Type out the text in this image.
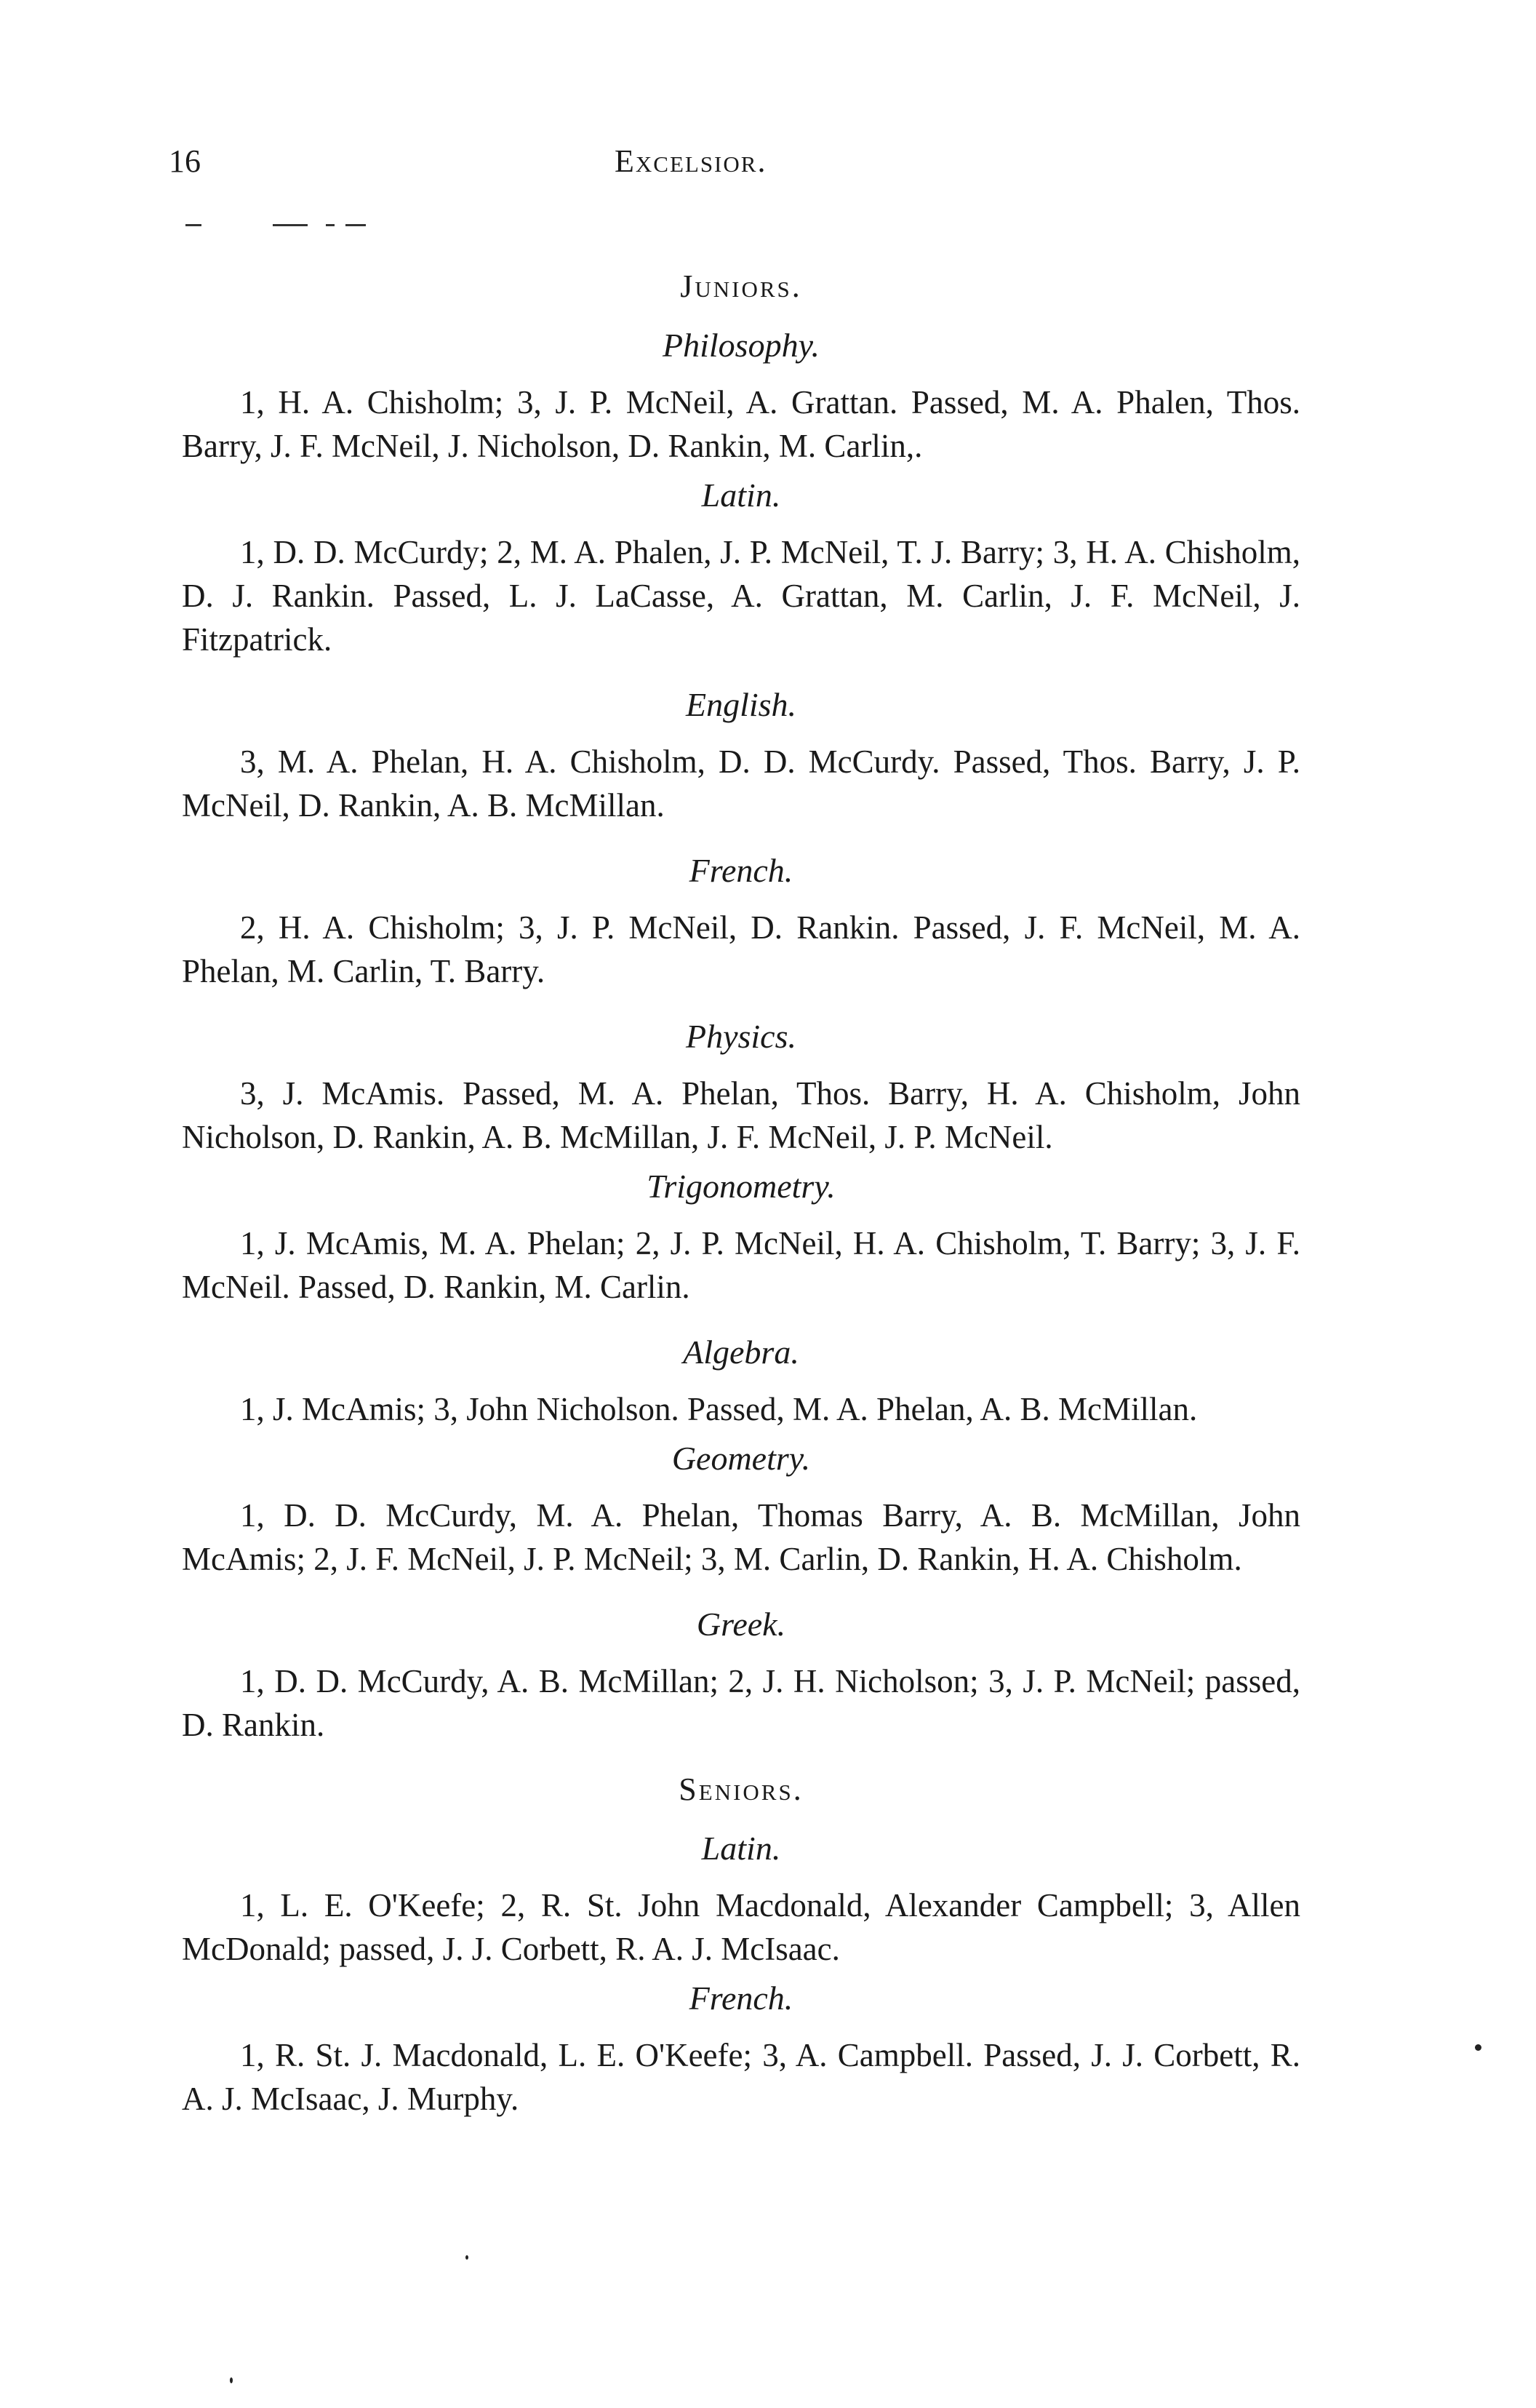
16	Excelsior.
Juniors.
Philosophy.

1, H. A. Chisholm; 3, J. P. McNeil, A. Grattan. Passed, M. A. Phalen, Thos. Barry, J. F. McNeil, J. Nicholson, D. Rankin, M. Carlin,.

Latin.

1, D. D. McCurdy; 2, M. A. Phalen, J. P. McNeil, T. J. Barry; 3, H. A. Chisholm, D. J. Rankin. Passed, L. J. LaCasse, A. Grattan, M. Carlin, J. F. McNeil, J. Fitzpatrick.

English.

3, M. A. Phelan, H. A. Chisholm, D. D. McCurdy. Passed, Thos. Barry, J. P. McNeil, D. Rankin, A. B. McMillan.

French.

2, H. A. Chisholm; 3, J. P. McNeil, D. Rankin. Passed, J. F. McNeil, M. A. Phelan, M. Carlin, T. Barry.

Physics.

3, J. McAmis. Passed, M. A. Phelan, Thos. Barry, H. A. Chisholm, John Nicholson, D. Rankin, A. B. McMillan, J. F. McNeil, J. P. McNeil.

Trigonometry.

1, J. McAmis, M. A. Phelan; 2, J. P. McNeil, H. A. Chisholm, T. Barry; 3, J. F. McNeil. Passed, D. Rankin, M. Carlin.

Algebra.

1, J. McAmis; 3, John Nicholson. Passed, M. A. Phelan, A. B. McMillan.

Geometry.

1, D. D. McCurdy, M. A. Phelan, Thomas Barry, A. B. McMillan, John McAmis; 2, J. F. McNeil, J. P. McNeil; 3, M. Carlin, D. Rankin, H. A. Chisholm.

Greek.

1, D. D. McCurdy, A. B. McMillan; 2, J. H. Nicholson; 3, J. P. McNeil; passed, D. Rankin.

Seniors.
Latin.

1, L. E. O'Keefe; 2, R. St. John Macdonald, Alexander Campbell; 3, Allen McDonald; passed, J. J. Corbett, R. A. J. McIsaac.

French.

1, R. St. J. Macdonald, L. E. O'Keefe; 3, A. Campbell. Passed, J. J. Corbett, R. A. J. McIsaac, J. Murphy.
